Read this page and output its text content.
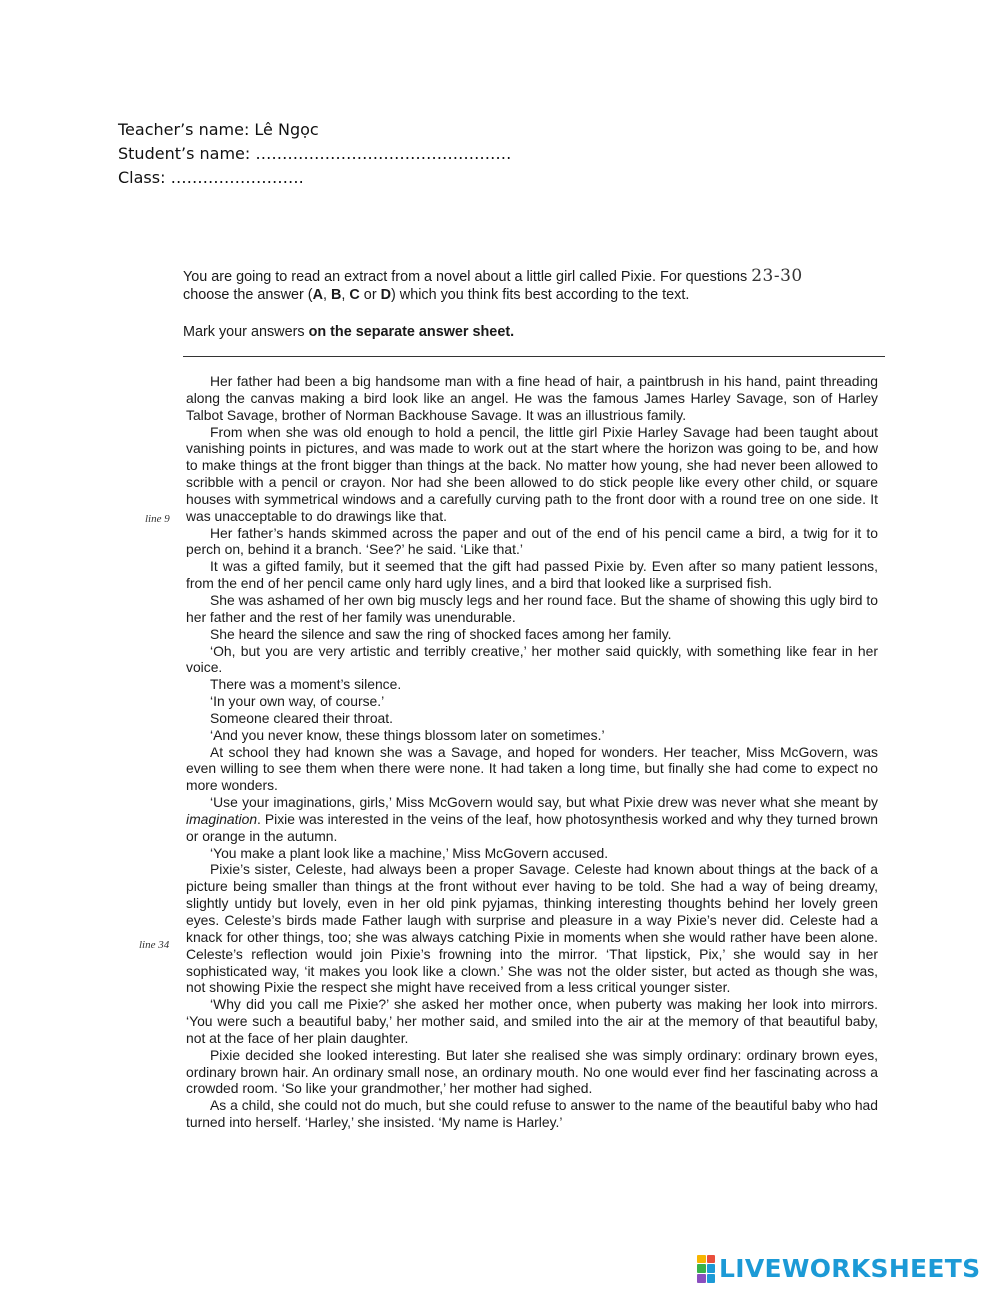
Teacher’s name: Lê Ngọc
Student’s name: …………………………………………
Class: …………………….
You are going to read an extract from a novel about a little girl called Pixie. For questions 23-30
choose the answer (A, B, C or D) which you think fits best according to the text.
Mark your answers on the separate answer sheet.
line 9
line 34

Her father had been a big handsome man with a fine head of hair, a paintbrush in his hand, paint threading along the canvas making a bird look like an angel. He was the famous James Harley Savage, son of Harley Talbot Savage, brother of Norman Backhouse Savage. It was an illustrious family.

From when she was old enough to hold a pencil, the little girl Pixie Harley Savage had been taught about vanishing points in pictures, and was made to work out at the start where the horizon was going to be, and how to make things at the front bigger than things at the back. No matter how young, she had never been allowed to scribble with a pencil or crayon. Nor had she been allowed to do stick people like every other child, or square houses with symmetrical windows and a carefully curving path to the front door with a round tree on one side. It was unacceptable to do drawings like that.

Her father’s hands skimmed across the paper and out of the end of his pencil came a bird, a twig for it to perch on, behind it a branch. ‘See?’ he said. ‘Like that.’

It was a gifted family, but it seemed that the gift had passed Pixie by. Even after so many patient lessons, from the end of her pencil came only hard ugly lines, and a bird that looked like a surprised fish.

She was ashamed of her own big muscly legs and her round face. But the shame of showing this ugly bird to her father and the rest of her family was unendurable.

She heard the silence and saw the ring of shocked faces among her family.

‘Oh, but you are very artistic and terribly creative,’ her mother said quickly, with something like fear in her voice.

There was a moment’s silence.

‘In your own way, of course.’

Someone cleared their throat.

‘And you never know, these things blossom later on sometimes.’

At school they had known she was a Savage, and hoped for wonders. Her teacher, Miss McGovern, was even willing to see them when there were none. It had taken a long time, but finally she had come to expect no more wonders.

‘Use your imaginations, girls,’ Miss McGovern would say, but what Pixie drew was never what she meant by imagination. Pixie was interested in the veins of the leaf, how photosynthesis worked and why they turned brown or orange in the autumn.

‘You make a plant look like a machine,’ Miss McGovern accused.

Pixie’s sister, Celeste, had always been a proper Savage. Celeste had known about things at the back of a picture being smaller than things at the front without ever having to be told. She had a way of being dreamy, slightly untidy but lovely, even in her old pink pyjamas, thinking interesting thoughts behind her lovely green eyes. Celeste’s birds made Father laugh with surprise and pleasure in a way Pixie’s never did. Celeste had a knack for other things, too; she was always catching Pixie in moments when she would rather have been alone. Celeste’s reflection would join Pixie’s frowning into the mirror. ‘That lipstick, Pix,’ she would say in her sophisticated way, ‘it makes you look like a clown.’ She was not the older sister, but acted as though she was, not showing Pixie the respect she might have received from a less critical younger sister.

‘Why did you call me Pixie?’ she asked her mother once, when puberty was making her look into mirrors. ‘You were such a beautiful baby,’ her mother said, and smiled into the air at the memory of that beautiful baby, not at the face of her plain daughter.

Pixie decided she looked interesting. But later she realised she was simply ordinary: ordinary brown eyes, ordinary brown hair. An ordinary small nose, an ordinary mouth. No one would ever find her fascinating across a crowded room. ‘So like your grandmother,’ her mother had sighed.

As a child, she could not do much, but she could refuse to answer to the name of the beautiful baby who had turned into herself. ‘Harley,’ she insisted. ‘My name is Harley.’

LIVEWORKSHEETS
